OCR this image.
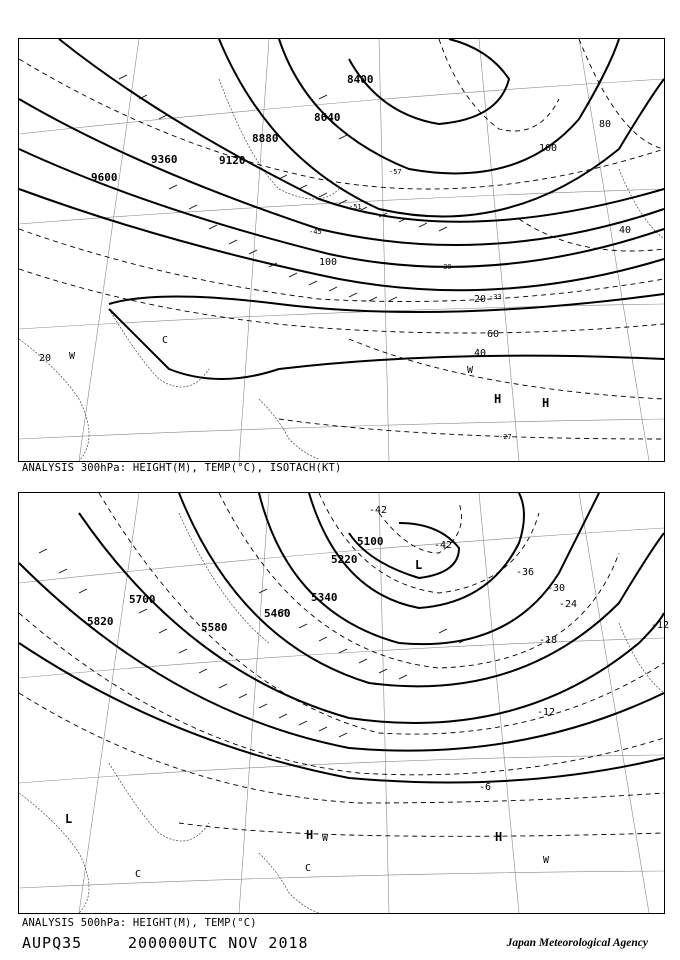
8400
8640
8880
9120
9360
9600
20
40
60
80
100
20
40
100
-57
-51
-45
-39
-33
-27
H	H
C
W
W
ANALYSIS 300hPa: HEIGHT(M), TEMP(°C), ISOTACH(KT)
5100
5220
5340
5460
5580
5700
5820
-42
-42
-36
-30
-24
-18
-12
-12
-6
L
L
H	H
W
W
C
C
ANALYSIS 500hPa: HEIGHT(M), TEMP(°C)
AUPQ35	200000UTC NOV 2018	Japan Meteorological Agency
